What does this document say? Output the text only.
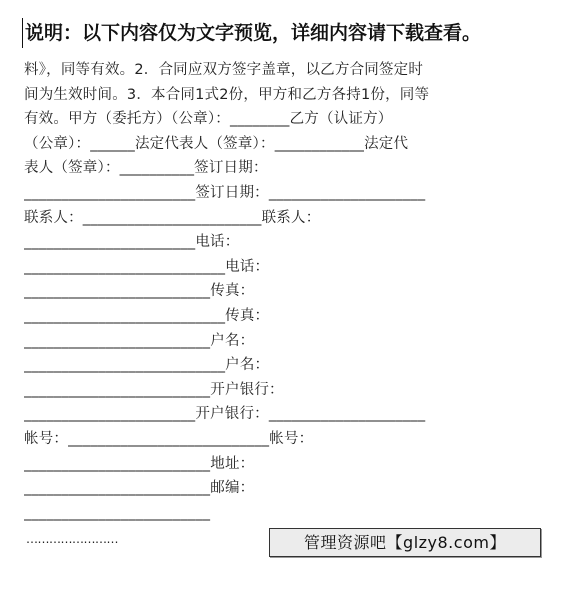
说明：以下内容仅为文字预览，详细内容请下载查看。
料》，同等有效。2．合同应双方签字盖章，以乙方合同签定时
间为生效时间。3．本合同1式2份，甲方和乙方各持1份，同等
有效。甲方（委托方）（公章）：________乙方（认证方）
（公章）：______法定代表人（签章）：____________法定代
表人（签章）：__________签订日期：
_______________________签订日期：_____________________
联系人：________________________联系人：
_______________________电话：
___________________________电话：
_________________________传真：
___________________________传真：
_________________________户名：
___________________________户名：
_________________________开户银行：
_______________________开户银行：_____________________
帐号：___________________________帐号：
_________________________地址：
_________________________邮编：
_________________________
……………………	管理资源吧【glzy8.com】
